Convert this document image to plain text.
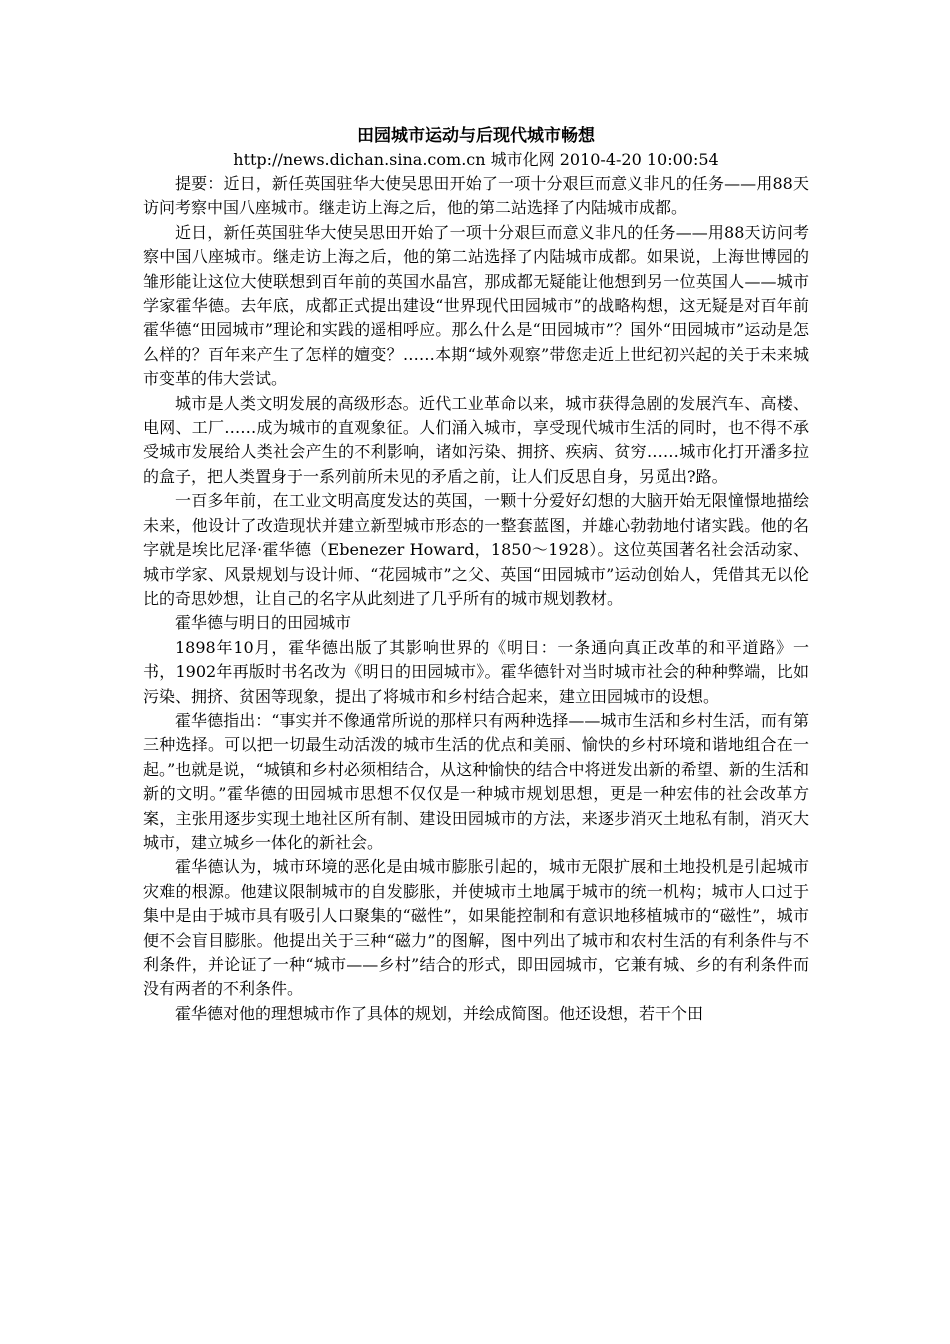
田园城市运动与后现代城市畅想
http://news.dichan.sina.com.cn 城市化网 2010-4-20 10:00:54

提要：近日，新任英国驻华大使吴思田开始了一项十分艰巨而意义非凡的任务——用88天访问考察中国八座城市。继走访上海之后，他的第二站选择了内陆城市成都。

近日，新任英国驻华大使吴思田开始了一项十分艰巨而意义非凡的任务——用88天访问考察中国八座城市。继走访上海之后，他的第二站选择了内陆城市成都。如果说，上海世博园的雏形能让这位大使联想到百年前的英国水晶宫，那成都无疑能让他想到另一位英国人——城市学家霍华德。去年底，成都正式提出建设“世界现代田园城市”的战略构想，这无疑是对百年前霍华德“田园城市”理论和实践的遥相呼应。那么什么是“田园城市”？国外“田园城市”运动是怎么样的？百年来产生了怎样的嬗变？……本期“域外观察”带您走近上世纪初兴起的关于未来城市变革的伟大尝试。

城市是人类文明发展的高级形态。近代工业革命以来，城市获得急剧的发展汽车、高楼、电网、工厂……成为城市的直观象征。人们涌入城市，享受现代城市生活的同时，也不得不承受城市发展给人类社会产生的不利影响，诸如污染、拥挤、疾病、贫穷……城市化打开潘多拉的盒子，把人类置身于一系列前所未见的矛盾之前，让人们反思自身，另觅出?路。

一百多年前，在工业文明高度发达的英国，一颗十分爱好幻想的大脑开始无限憧憬地描绘未来，他设计了改造现状并建立新型城市形态的一整套蓝图，并雄心勃勃地付诸实践。他的名字就是埃比尼泽·霍华德（Ebenezer Howard，1850～1928）。这位英国著名社会活动家、城市学家、风景规划与设计师、“花园城市”之父、英国“田园城市”运动创始人，凭借其无以伦比的奇思妙想，让自己的名字从此刻进了几乎所有的城市规划教材。

霍华德与明日的田园城市

1898年10月，霍华德出版了其影响世界的《明日：一条通向真正改革的和平道路》一书，1902年再版时书名改为《明日的田园城市》。霍华德针对当时城市社会的种种弊端，比如污染、拥挤、贫困等现象，提出了将城市和乡村结合起来，建立田园城市的设想。

霍华德指出：“事实并不像通常所说的那样只有两种选择——城市生活和乡村生活，而有第三种选择。可以把一切最生动活泼的城市生活的优点和美丽、愉快的乡村环境和谐地组合在一起。”也就是说，“城镇和乡村必须相结合，从这种愉快的结合中将迸发出新的希望、新的生活和新的文明。”霍华德的田园城市思想不仅仅是一种城市规划思想，更是一种宏伟的社会改革方案，主张用逐步实现土地社区所有制、建设田园城市的方法，来逐步消灭土地私有制，消灭大城市，建立城乡一体化的新社会。

霍华德认为，城市环境的恶化是由城市膨胀引起的，城市无限扩展和土地投机是引起城市灾难的根源。他建议限制城市的自发膨胀，并使城市土地属于城市的统一机构；城市人口过于集中是由于城市具有吸引人口聚集的“磁性”，如果能控制和有意识地移植城市的“磁性”，城市便不会盲目膨胀。他提出关于三种“磁力”的图解，图中列出了城市和农村生活的有利条件与不利条件，并论证了一种“城市——乡村”结合的形式，即田园城市，它兼有城、乡的有利条件而没有两者的不利条件。

霍华德对他的理想城市作了具体的规划，并绘成简图。他还设想，若干个田
